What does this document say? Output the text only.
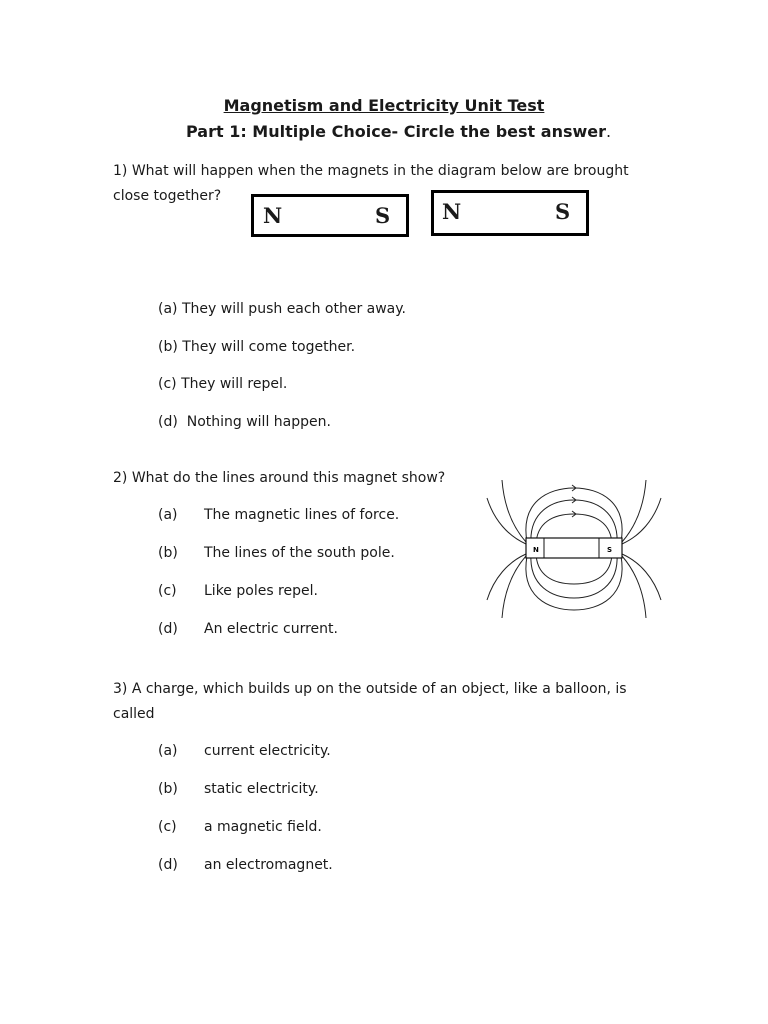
Magnetism and Electricity Unit Test
Part 1: Multiple Choice- Circle the best answer.
1) What will happen when the magnets in the diagram below are brought close together?
N	S N	S
(a) They will push each other away.
(b) They will come together.
(c) They will repel.
(d) Nothing will happen.
2) What do the lines around this magnet show?
(a) The magnetic lines of force.
(b) The lines of the south pole.
(c) Like poles repel.
(d) An electric current.
N	S
3) A charge, which builds up on the outside of an object, like a balloon, is called
(a) current electricity.
(b) static electricity.
(c) a magnetic field.
(d) an electromagnet.
